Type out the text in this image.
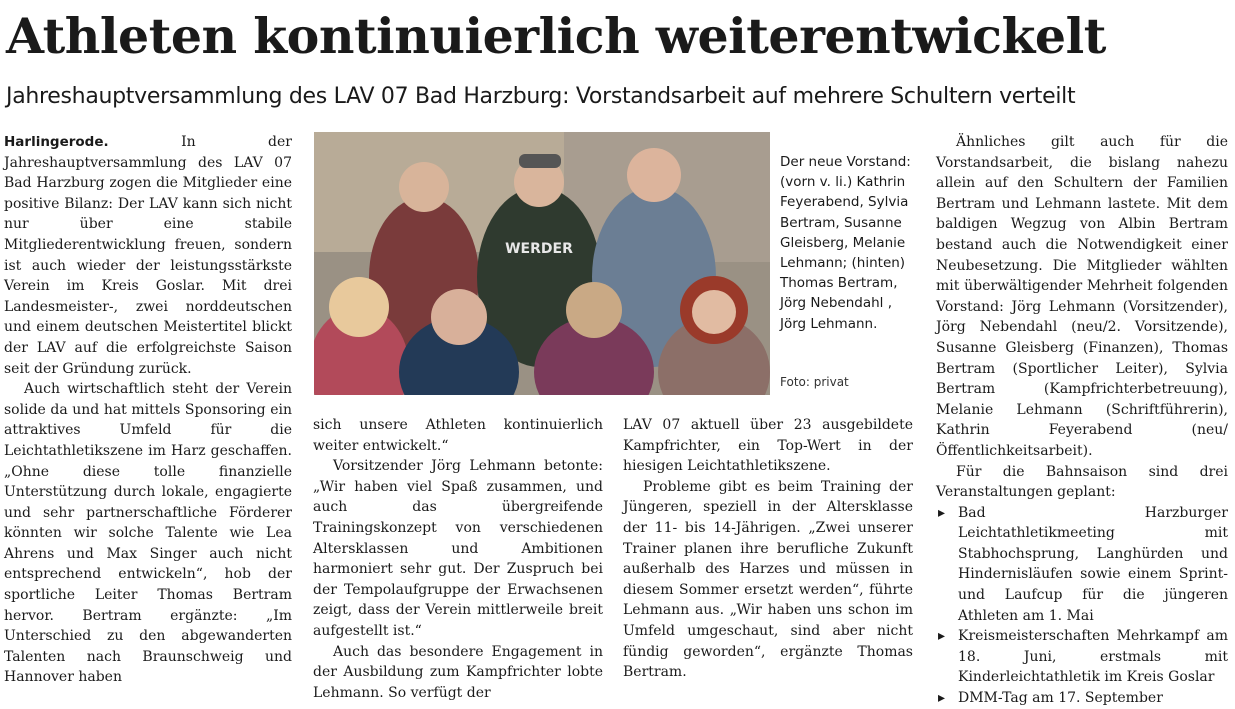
Athleten kontinuierlich weiterentwickelt
Jahreshauptversammlung des LAV 07 Bad Harzburg: Vorstandsarbeit auf mehrere Schultern verteilt

Harlingerode.	In der Jahreshauptversammlung des LAV 07 Bad Harzburg zogen die Mitglieder eine positive Bilanz: Der LAV kann sich nicht nur über eine stabile Mitgliederentwicklung freuen, sondern ist auch wieder der leistungsstärkste Verein im Kreis Goslar. Mit drei Landesmeister-, zwei norddeutschen und einem deutschen Meistertitel blickt der LAV auf die erfolgreichste Saison seit der Gründung zurück.

Auch wirtschaftlich steht der Verein solide da und hat mittels Sponsoring ein attraktives Umfeld für die Leichtathletikszene im Harz geschaffen. „Ohne diese tolle finanzielle Unterstützung durch lokale, engagierte und sehr partnerschaftliche Förderer könnten wir solche Talente wie Lea Ahrens und Max Singer auch nicht entsprechend entwickeln“, hob der sportliche Leiter Thomas Bertram hervor. Bertram ergänzte: „Im Unterschied zu den abgewanderten Talenten nach Braunschweig und Hannover haben

WERDER
Der neue Vorstand: (vorn v. li.) Kathrin Feyerabend, Sylvia Bertram, Susanne Gleisberg, Melanie Lehmann; (hinten) Thomas Bertram, Jörg Nebendahl , Jörg Lehmann.
Foto: privat

sich unsere Athleten kontinuierlich weiter entwickelt.“

Vorsitzender Jörg Lehmann betonte: „Wir haben viel Spaß zusammen, und auch das übergreifende Trainingskonzept von verschiedenen Altersklassen und Ambitionen harmoniert sehr gut. Der Zuspruch bei der Tempolaufgruppe der Erwachsenen zeigt, dass der Verein mittlerweile breit aufgestellt ist.“

Auch das besondere Engagement in der Ausbildung zum Kampfrichter lobte Lehmann. So verfügt der

LAV 07 aktuell über 23 ausgebildete Kampfrichter, ein Top-Wert in der hiesigen Leichtathletikszene.

Probleme gibt es beim Training der Jüngeren, speziell in der Altersklasse der 11- bis 14-Jährigen. „Zwei unserer Trainer planen ihre berufliche Zukunft außerhalb des Harzes und müssen in diesem Sommer ersetzt werden“, führte Lehmann aus. „Wir haben uns schon im Umfeld umgeschaut, sind aber nicht fündig geworden“, ergänzte Thomas Bertram.

Ähnliches gilt auch für die Vorstandsarbeit, die bislang nahezu allein auf den Schultern der Familien Bertram und Lehmann lastete. Mit dem baldigen Wegzug von Albin Bertram bestand auch die Notwendigkeit einer Neubesetzung. Die Mitglieder wählten mit überwältigender Mehrheit folgenden Vorstand: Jörg Lehmann (Vorsitzender), Jörg Nebendahl (neu/2. Vorsitzende), Susanne Gleisberg (Finanzen), Thomas Bertram (Sportlicher Leiter), Sylvia Bertram (Kampfrichterbetreuung), Melanie Lehmann (Schriftführerin), Kathrin Feyerabend (neu/Öffentlichkeitsarbeit).

Für die Bahnsaison sind drei Veranstaltungen geplant:

▸ Bad Harzburger Leichtathletikmeeting mit Stabhochsprung, Langhürden und Hindernisläufen sowie einem Sprint- und Laufcup für die jüngeren Athleten am 1. Mai
▸ Kreismeisterschaften Mehrkampf am 18. Juni, erstmals mit Kinderleichtathletik im Kreis Goslar
▸ DMM-Tag am 17. September
